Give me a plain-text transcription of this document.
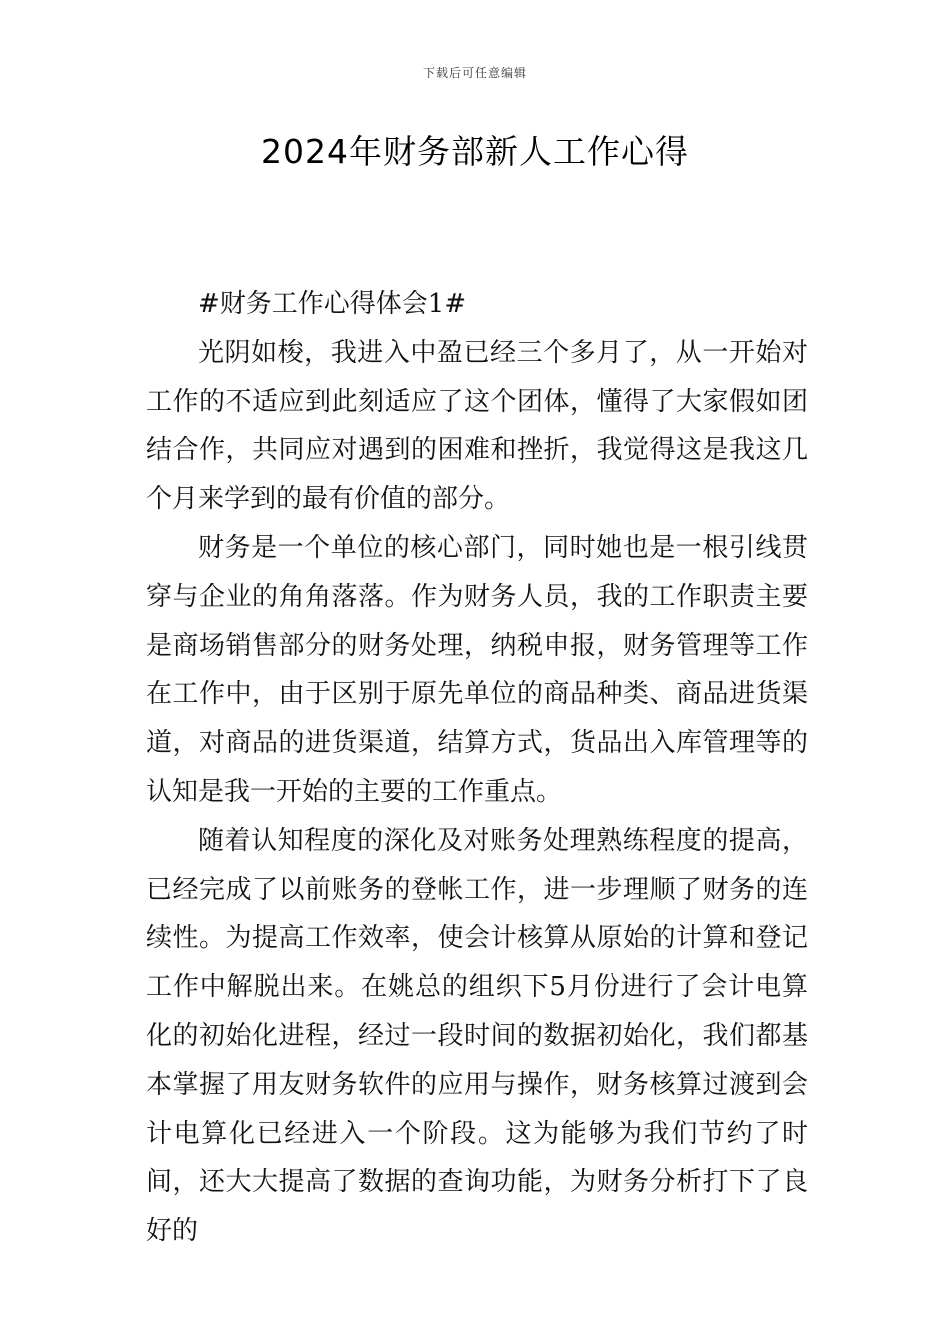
下载后可任意编辑
2024年财务部新人工作心得

#财务工作心得体会1#

光阴如梭，我进入中盈已经三个多月了，从一开始对工作的不适应到此刻适应了这个团体，懂得了大家假如团结合作，共同应对遇到的困难和挫折，我觉得这是我这几个月来学到的最有价值的部分。

财务是一个单位的核心部门，同时她也是一根引线贯穿与企业的角角落落。作为财务人员，我的工作职责主要是商场销售部分的财务处理，纳税申报，财务管理等工作在工作中，由于区别于原先单位的商品种类、商品进货渠道，对商品的进货渠道，结算方式，货品出入库管理等的认知是我一开始的主要的工作重点。

随着认知程度的深化及对账务处理熟练程度的提高，已经完成了以前账务的登帐工作，进一步理顺了财务的连续性。为提高工作效率，使会计核算从原始的计算和登记工作中解脱出来。在姚总的组织下5月份进行了会计电算化的初始化进程，经过一段时间的数据初始化，我们都基本掌握了用友财务软件的应用与操作，财务核算过渡到会计电算化已经进入一个阶段。这为能够为我们节约了时间，还大大提高了数据的查询功能，为财务分析打下了良好的
